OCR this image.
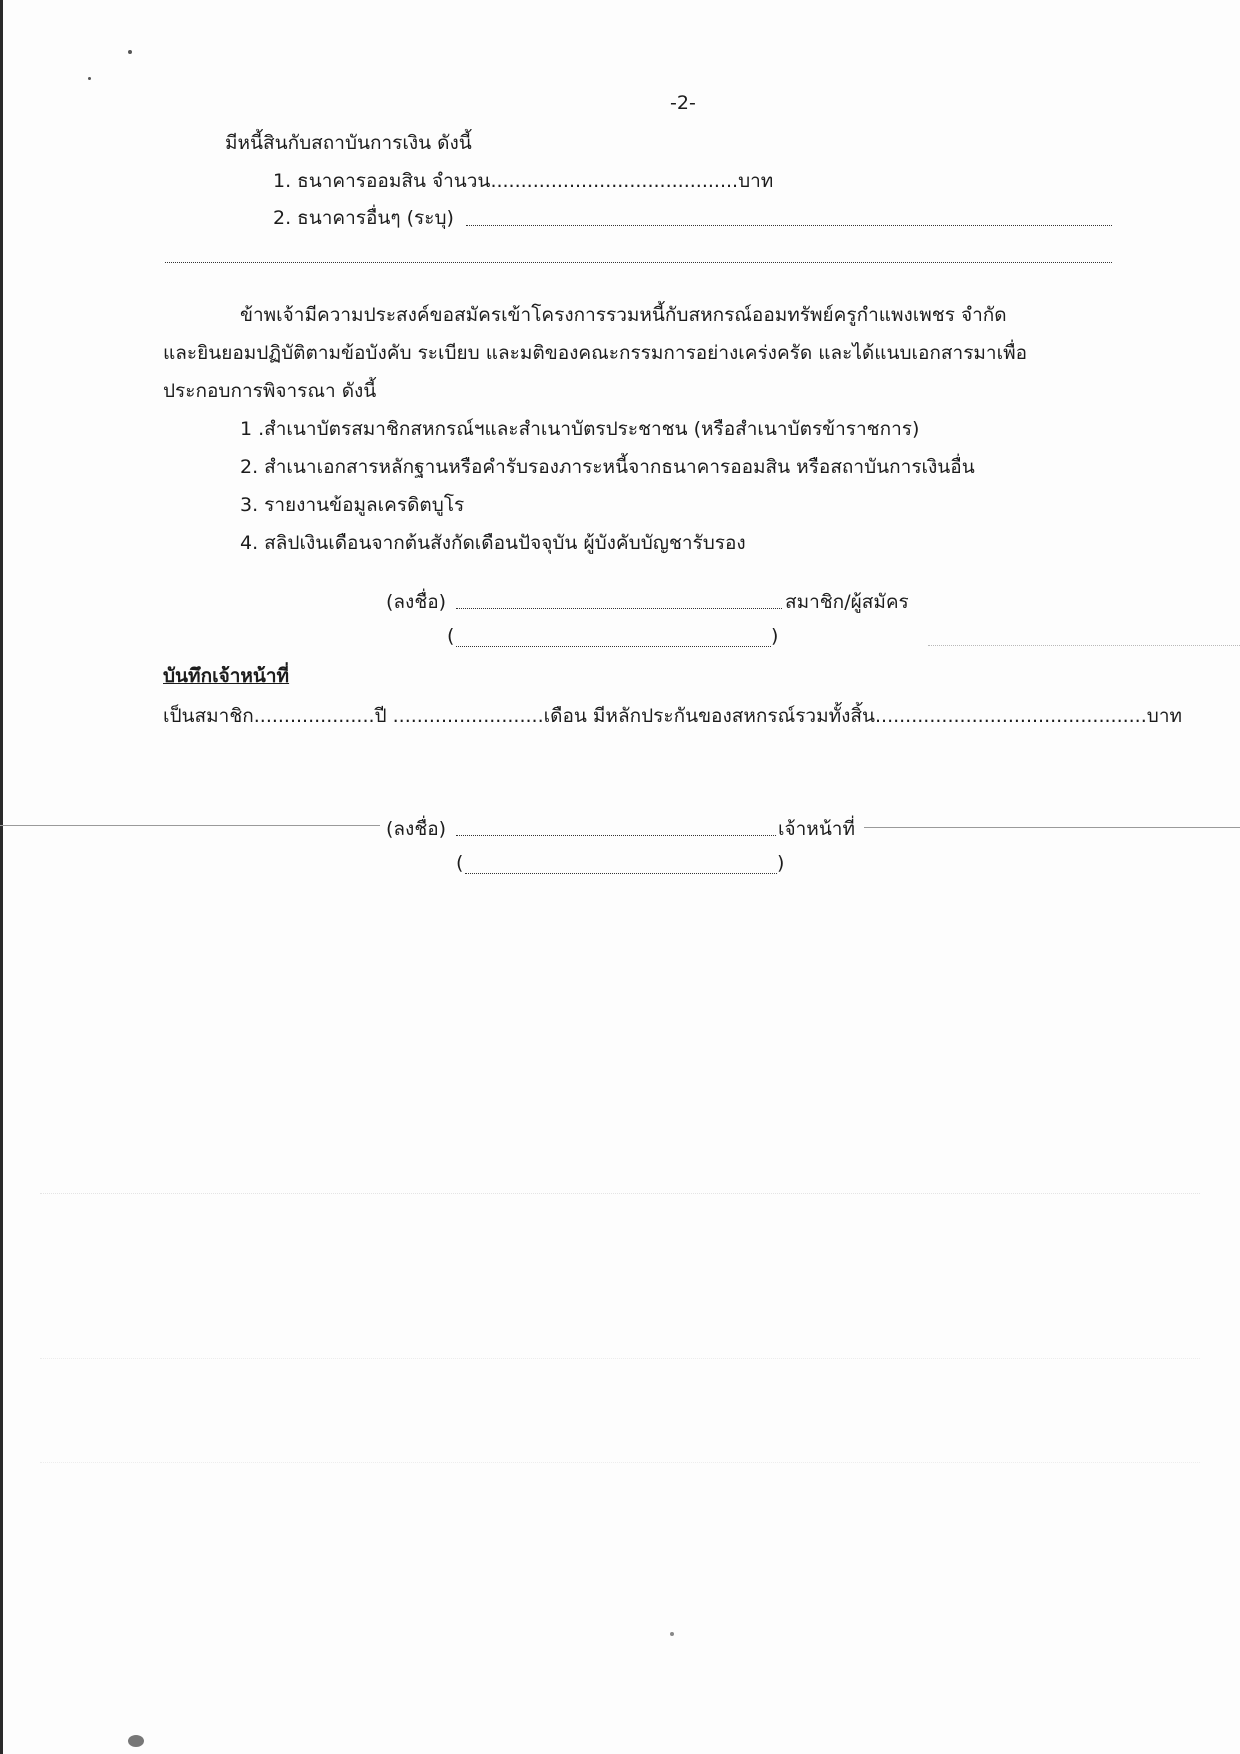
-2-
มีหนี้สินกับสถาบันการเงิน ดังนี้
1. ธนาคารออมสิน จำนวน.........................................บาท
2. ธนาคารอื่นๆ (ระบุ)
ข้าพเจ้ามีความประสงค์ขอสมัครเข้าโครงการรวมหนี้กับสหกรณ์ออมทรัพย์ครูกำแพงเพชร จำกัด
และยินยอมปฏิบัติตามข้อบังคับ ระเบียบ และมติของคณะกรรมการอย่างเคร่งครัด และได้แนบเอกสารมาเพื่อ
ประกอบการพิจารณา ดังนี้
1 .สำเนาบัตรสมาชิกสหกรณ์ฯและสำเนาบัตรประชาชน (หรือสำเนาบัตรข้าราชการ)
2. สำเนาเอกสารหลักฐานหรือคำรับรองภาระหนี้จากธนาคารออมสิน หรือสถาบันการเงินอื่น
3. รายงานข้อมูลเครดิตบูโร
4. สลิปเงินเดือนจากต้นสังกัดเดือนปัจจุบัน ผู้บังคับบัญชารับรอง
(ลงชื่อ)	สมาชิก/ผู้สมัคร
(	)
บันทึกเจ้าหน้าที่
เป็นสมาชิก....................ปี .........................เดือน มีหลักประกันของสหกรณ์รวมทั้งสิ้น.............................................บาท
(ลงชื่อ)	เจ้าหน้าที่
(	)
